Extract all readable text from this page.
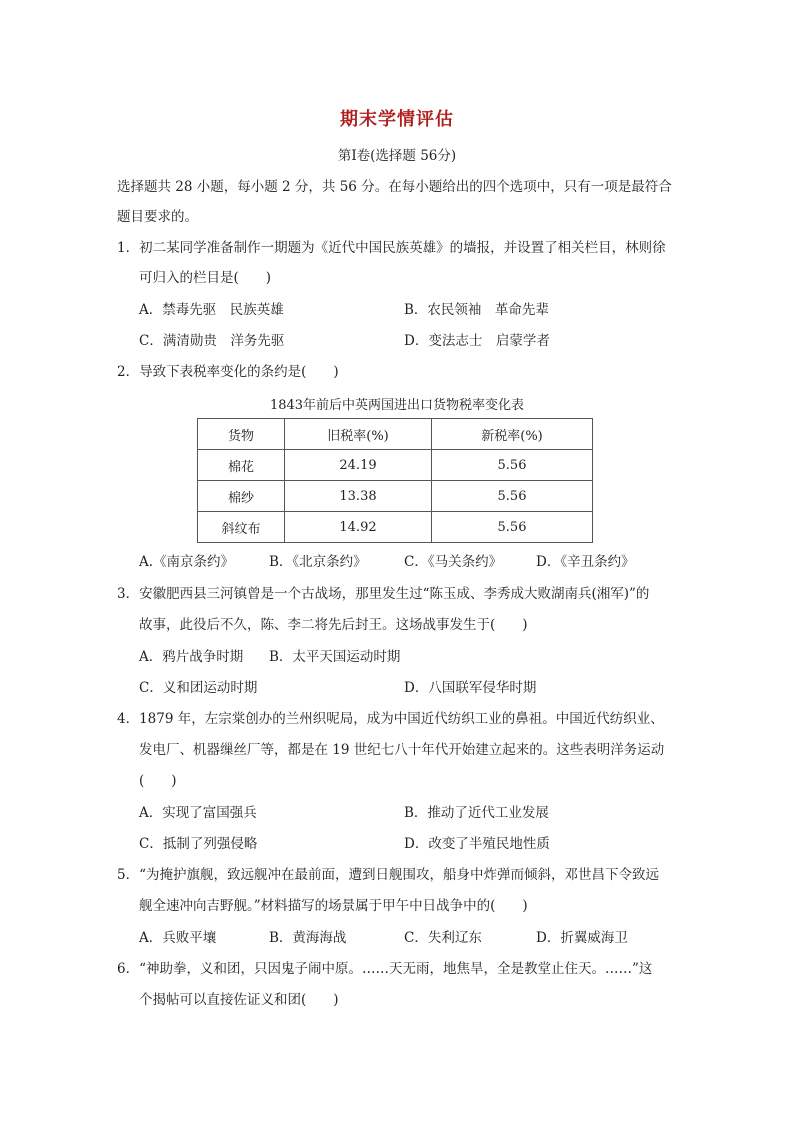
期末学情评估
第Ⅰ卷(选择题 56分)
选择题共 28 小题，每小题 2 分，共 56 分。在每小题给出的四个选项中，只有一项是最符合
题目要求的。
1．初二某同学准备制作一期题为《近代中国民族英雄》的墙报，并设置了相关栏目，林则徐
可归入的栏目是(　　)
A．禁毒先驱　民族英雄	B．农民领袖　革命先辈
C．满清勋贵　洋务先驱	D．变法志士　启蒙学者
2．导致下表税率变化的条约是(　　)
1843年前后中英两国进出口货物税率变化表
货物	旧税率(%)	新税率(%)
棉花	24.19	5.56
棉纱	13.38	5.56
斜纹布	14.92	5.56
A.《南京条约》	B．《北京条约》	C．《马关条约》	D．《辛丑条约》
3．安徽肥西县三河镇曾是一个古战场，那里发生过“陈玉成、李秀成大败湖南兵(湘军)”的
故事，此役后不久，陈、李二将先后封王。这场战事发生于(　　)
A．鸦片战争时期 B．太平天国运动时期
C．义和团运动时期	D．八国联军侵华时期
4．1879 年，左宗棠创办的兰州织呢局，成为中国近代纺织工业的鼻祖。中国近代纺织业、
发电厂、机器缫丝厂等，都是在 19 世纪七八十年代开始建立起来的。这些表明洋务运动
(　　)
A．实现了富国强兵	B．推动了近代工业发展
C．抵制了列强侵略	D．改变了半殖民地性质
5．“为掩护旗舰，致远舰冲在最前面，遭到日舰围攻，船身中炸弹而倾斜，邓世昌下令致远
舰全速冲向吉野舰。”材料描写的场景属于甲午中日战争中的(　　)
A．兵败平壤	B．黄海海战	C．失利辽东	D．折翼威海卫
6．“神助拳，义和团，只因鬼子闹中原。……天无雨，地焦旱，全是教堂止住天。……”这
个揭帖可以直接佐证义和团(　　)
